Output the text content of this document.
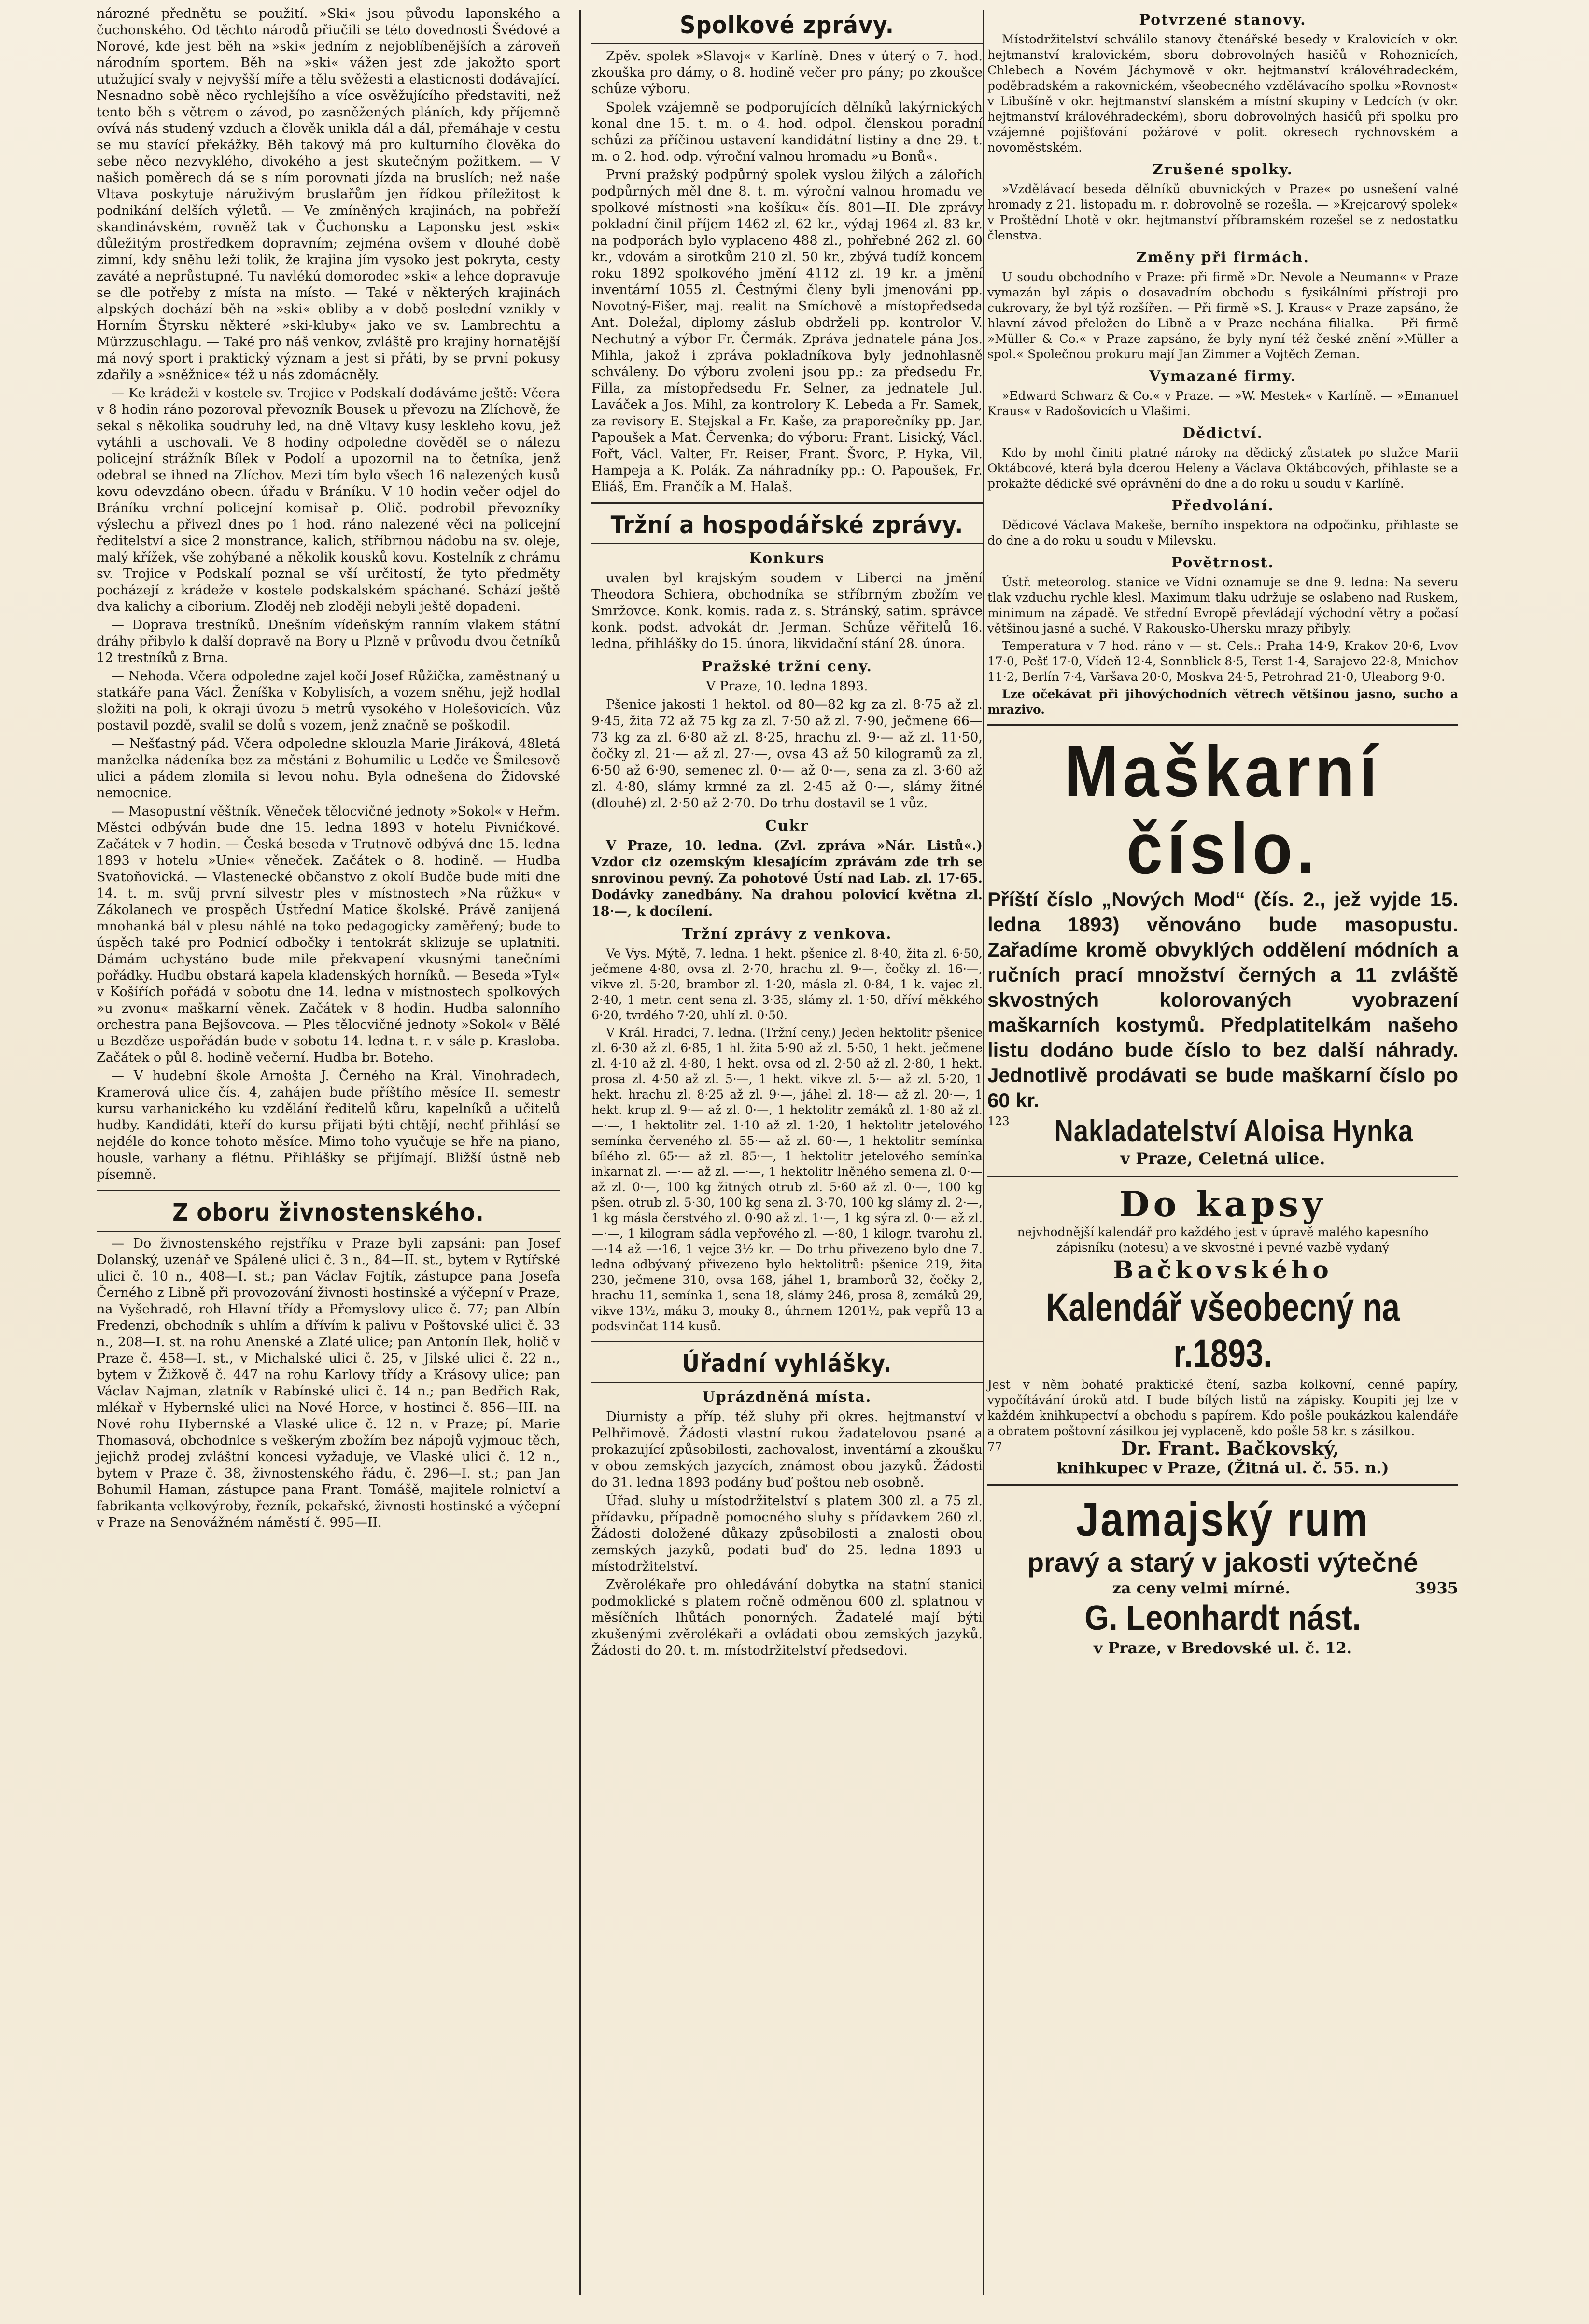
nározné přednětu se použití. »Ski« jsou původu laponského a čuchonského. Od těchto národů přiučili se této dovednosti Švédové a Norové, kde jest běh na »ski« jedním z nejoblíbenějších a zároveň národním sportem. Běh na »ski« vážen jest zde jakožto sport utužující svaly v nejvyšší míře a tělu svěžesti a elasticnosti dodávající. Nesnadno sobě něco rychlejšího a více osvěžujícího představiti, než tento běh s větrem o závod, po zasněžených pláních, kdy příjemně ovívá nás studený vzduch a člověk unikla dál a dál, přemáhaje v cestu se mu stavící překážky. Běh takový má pro kulturního člověka do sebe něco nezvyklého, divokého a jest skutečným požitkem. — V našich poměrech dá se s ním porovnati jízda na bruslích; než naše Vltava poskytuje náruživým bruslařům jen řídkou příležitost k podnikání delších výletů. — Ve zmíněných krajinách, na pobřeží skandinávském, rovněž tak v Čuchonsku a Laponsku jest »ski« důležitým prostředkem dopravním; zejména ovšem v dlouhé době zimní, kdy sněhu leží tolik, že krajina jím vysoko jest pokryta, cesty zaváté a neprůstupné. Tu navlékú domorodec »ski« a lehce dopravuje se dle potřeby z místa na místo. — Také v některých krajinách alpských dochází běh na »ski« obliby a v době poslední vznikly v Horním Štyrsku některé »ski-kluby« jako ve sv. Lambrechtu a Mürzzuschlagu. — Také pro náš venkov, zvláště pro krajiny hornatější má nový sport i praktický význam a jest si přáti, by se první pokusy zdařily a »sněžnice« též u nás zdomácněly.

— Ke krádeži v kostele sv. Trojice v Podskalí dodáváme ještě: Včera v 8 hodin ráno pozoroval převozník Bousek u převozu na Zlíchově, že sekal s několika soudruhy led, na dně Vltavy kusy leskleho kovu, jež vytáhli a uschovali. Ve 8 hodiny odpoledne dověděl se o nálezu policejní strážník Bílek v Podolí a upozornil na to četníka, jenž odebral se ihned na Zlíchov. Mezi tím bylo všech 16 nalezených kusů kovu odevzdáno obecn. úřadu v Bráníku. V 10 hodin večer odjel do Bráníku vrchní policejní komisař p. Olič. podrobil převozníky výslechu a přivezl dnes po 1 hod. ráno nalezené věci na policejní ředitelství a sice 2 monstrance, kalich, stříbrnou nádobu na sv. oleje, malý křížek, vše zohýbané a několik kousků kovu. Kostelník z chrámu sv. Trojice v Podskalí poznal se vší určitostí, že tyto předměty pocházejí z krádeže v kostele podskalském spáchané. Schází ještě dva kalichy a ciborium. Zloděj neb zloději nebyli ještě dopadeni.

— Doprava trestníků. Dnešním vídeňským ranním vlakem státní dráhy přibylo k další dopravě na Bory u Plzně v průvodu dvou četníků 12 trestníků z Brna.

— Nehoda. Včera odpoledne zajel kočí Josef Růžička, zaměstnaný u statkáře pana Václ. Ženíška v Kobylisích, a vozem sněhu, jejž hodlal složiti na poli, k okraji úvozu 5 metrů vysokého v Holešovicích. Vůz postavil pozdě, svalil se dolů s vozem, jenž značně se poškodil.

— Nešťastný pád. Včera odpoledne sklouzla Marie Jiráková, 48letá manželka nádeníka bez za městáni z Bohumilic u Ledče ve Šmilesově ulici a pádem zlomila si levou nohu. Byla odnešena do Židovské nemocnice.

— Masopustní věštník. Věneček tělocvičné jednoty »Sokol« v Heřm. Městci odbýván bude dne 15. ledna 1893 v hotelu Pivnićkové. Začátek v 7 hodin. — Česká beseda v Trutnově odbývá dne 15. ledna 1893 v hotelu »Unie« věneček. Začátek o 8. hodině. — Hudba Svatoňovická. — Vlastenecké občanstvo z okolí Budče bude míti dne 14. t. m. svůj první silvestr ples v místnostech »Na růžku« v Zákolanech ve prospěch Ústřední Matice školské. Právě zanijená mnohanká bál v plesu náhlé na toko pedagogicky zaměřený; bude to úspěch také pro Podnicí odbočky i tentokrát sklizuje se uplatniti. Dámám uchystáno bude mile překvapení vkusnými tanečními pořádky. Hudbu obstará kapela kladenských horníků. — Beseda »Tyl« v Košířích pořádá v sobotu dne 14. ledna v místnostech spolkových »u zvonu« maškarní věnek. Začátek v 8 hodin. Hudba salonního orchestra pana Bejšovcova. — Ples tělocvičné jednoty »Sokol« v Bělé u Bezděze uspořádán bude v sobotu 14. ledna t. r. v sále p. Krasloba. Začátek o půl 8. hodině večerní. Hudba br. Boteho.

— V hudební škole Arnošta J. Černého na Král. Vinohradech, Kramerová ulice čís. 4, zahájen bude příštího měsíce II. semestr kursu varhanického ku vzdělání ředitelů kůru, kapelníků a učitelů hudby. Kandidáti, kteří do kursu přijati býti chtějí, nechť přihlásí se nejdéle do konce tohoto měsíce. Mimo toho vyučuje se hře na piano, housle, varhany a flétnu. Přihlášky se přijímají. Bližší ústně neb písemně.

Z oboru živnostenského.

— Do živnostenského rejstříku v Praze byli zapsáni: pan Josef Dolanský, uzenář ve Spálené ulici č. 3 n., 84—II. st., bytem v Rytířské ulici č. 10 n., 408—I. st.; pan Václav Fojtík, zástupce pana Josefa Černého z Libně při provozování živnosti hostinské a výčepní v Praze, na Vyšehradě, roh Hlavní třídy a Přemyslovy ulice č. 77; pan Albín Fredenzi, obchodník s uhlím a dřívím k palivu v Poštovské ulici č. 33 n., 208—I. st. na rohu Anenské a Zlaté ulice; pan Antonín Ilek, holič v Praze č. 458—I. st., v Michalské ulici č. 25, v Jilské ulici č. 22 n., bytem v Žižkově č. 447 na rohu Karlovy třídy a Krásovy ulice; pan Václav Najman, zlatník v Rabínské ulici č. 14 n.; pan Bedřich Rak, mlékař v Hybernské ulici na Nové Horce, v hostinci č. 856—III. na Nové rohu Hybernské a Vlaské ulice č. 12 n. v Praze; pí. Marie Thomasová, obchodnice s veškerým zbožím bez nápojů vyjmouc těch, jejichž prodej zvláštní koncesi vyžaduje, ve Vlaské ulici č. 12 n., bytem v Praze č. 38, živnostenského řádu, č. 296—I. st.; pan Jan Bohumil Haman, zástupce pana Frant. Tomášě, majitele rolnictví a fabrikanta velkovýroby, řezník, pekařské, živnosti hostinské a výčepní v Praze na Senovážném náměstí č. 995—II.

Spolkové zprávy.

Zpěv. spolek »Slavoj« v Karlíně. Dnes v úterý o 7. hod. zkouška pro dámy, o 8. hodině večer pro pány; po zkoušce schůze výboru.

Spolek vzájemně se podporujících dělníků lakýrnických konal dne 15. t. m. o 4. hod. odpol. členskou poradní schůzi za příčinou ustavení kandidátní listiny a dne 29. t. m. o 2. hod. odp. výroční valnou hromadu »u Bonů«.

První pražský podpůrný spolek vyslou žilých a zálořích podpůrných měl dne 8. t. m. výroční valnou hromadu ve spolkové místnosti »na košíku« čís. 801—II. Dle zprávy pokladní činil příjem 1462 zl. 62 kr., výdaj 1964 zl. 83 kr. na podporách bylo vyplaceno 488 zl., pohřebné 262 zl. 60 kr., vdovám a sirotkům 210 zl. 50 kr., zbývá tudíž koncem roku 1892 spolkového jmění 4112 zl. 19 kr. a jmění inventární 1055 zl. Čestnými členy byli jmenováni pp. Novotný-Fišer, maj. realit na Smíchově a místopředseda Ant. Doležal, diplomy záslub obdrželi pp. kontrolor V. Nechutný a výbor Fr. Čermák. Zpráva jednatele pána Jos. Mihla, jakož i zpráva pokladníkova byly jednohlasně schváleny. Do výboru zvoleni jsou pp.: za předsedu Fr. Filla, za místopředsedu Fr. Selner, za jednatele Jul. Laváček a Jos. Mihl, za kontrolory K. Lebeda a Fr. Samek, za revisory E. Stejskal a Fr. Kaše, za praporečníky pp. Jar. Papoušek a Mat. Červenka; do výboru: Frant. Lisický, Václ. Fořt, Václ. Valter, Fr. Reiser, Frant. Švorc, P. Hyka, Vil. Hampeja a K. Polák. Za náhradníky pp.: O. Papoušek, Fr. Eliáš, Em. Frančík a M. Halaš.

Tržní a hospodářské zprávy.
Konkurs

uvalen byl krajským soudem v Liberci na jmění Theodora Schiera, obchodníka se stříbrným zbožím ve Smržovce. Konk. komis. rada z. s. Stránský, satim. správce konk. podst. advokát dr. Jerman. Schůze věřitelů 16. ledna, přihlášky do 15. února, likvidační stání 28. února.

Pražské tržní ceny.

V Praze, 10. ledna 1893.

Pšenice jakosti 1 hektol. od 80—82 kg za zl. 8·75 až zl. 9·45, žita 72 až 75 kg za zl. 7·50 až zl. 7·90, ječmene 66—73 kg za zl. 6·80 až zl. 8·25, hrachu zl. 9·— až zl. 11·50, čočky zl. 21·— až zl. 27·—, ovsa 43 až 50 kilogramů za zl. 6·50 až 6·90, semenec zl. 0·— až 0·—, sena za zl. 3·60 až zl. 4·80, slámy krmné za zl. 2·45 až 0·—, slámy žitné (dlouhé) zl. 2·50 až 2·70. Do trhu dostavil se 1 vůz.

Cukr

V Praze, 10. ledna. (Zvl. zpráva »Nár. Listů«.) Vzdor ciz ozemským klesajícím zprávám zde trh se snrovinou pevný. Za pohotové Ústí nad Lab. zl. 17·65. Dodávky zanedbány. Na drahou polovicí května zl. 18·—, k docílení.

Tržní zprávy z venkova.

Ve Vys. Mýtě, 7. ledna. 1 hekt. pšenice zl. 8·40, žita zl. 6·50, ječmene 4·80, ovsa zl. 2·70, hrachu zl. 9·—, čočky zl. 16·—, vikve zl. 5·20, brambor zl. 1·20, másla zl. 0·84, 1 k. vajec zl. 2·40, 1 metr. cent sena zl. 3·35, slámy zl. 1·50, dříví měkkého 6·20, tvrdého 7·20, uhlí zl. 0·50.

V Král. Hradci, 7. ledna. (Tržní ceny.) Jeden hektolitr pšenice zl. 6·30 až zl. 6·85, 1 hl. žita 5·90 až zl. 5·50, 1 hekt. ječmene zl. 4·10 až zl. 4·80, 1 hekt. ovsa od zl. 2·50 až zl. 2·80, 1 hekt. prosa zl. 4·50 až zl. 5·—, 1 hekt. vikve zl. 5·— až zl. 5·20, 1 hekt. hrachu zl. 8·25 až zl. 9·—, jáhel zl. 18·— až zl. 20·—, 1 hekt. krup zl. 9·— až zl. 0·—, 1 hektolitr zemáků zl. 1·80 až zl. —·—, 1 hektolitr zel. 1·10 až zl. 1·20, 1 hektolitr jetelového semínka červeného zl. 55·— až zl. 60·—, 1 hektolitr semínka bílého zl. 65·— až zl. 85·—, 1 hektolitr jetelového semínka inkarnat zl. —·— až zl. —·—, 1 hektolitr lněného semena zl. 0·— až zl. 0·—, 100 kg žitných otrub zl. 5·60 až zl. 0·—, 100 kg pšen. otrub zl. 5·30, 100 kg sena zl. 3·70, 100 kg slámy zl. 2·—, 1 kg másla čerstvého zl. 0·90 až zl. 1·—, 1 kg sýra zl. 0·— až zl. —·—, 1 kilogram sádla vepřového zl. —·80, 1 kilogr. tvarohu zl. —·14 až —·16, 1 vejce 3½ kr. — Do trhu přivezeno bylo dne 7. ledna odbývaný přivezeno bylo hektolitrů: pšenice 219, žita 230, ječmene 310, ovsa 168, jáhel 1, bramborů 32, čočky 2, hrachu 11, semínka 1, sena 18, slámy 246, prosa 8, zemáků 29, vikve 13½, máku 3, mouky 8., úhrnem 1201½, pak vepřů 13 a podsvinčat 114 kusů.

Úřadní vyhlášky.
Uprázdněná místa.

Diurnisty a příp. též sluhy při okres. hejtmanství v Pelhřimově. Žádosti vlastní rukou žadatelovou psané a prokazující způsobilosti, zachovalost, inventární a zkoušku v obou zemských jazycích, známost obou jazyků. Žádosti do 31. ledna 1893 podány buď poštou neb osobně.

Úřad. sluhy u místodržitelství s platem 300 zl. a 75 zl. přídavku, případně pomocného sluhy s přídavkem 260 zl. Žádosti doložené důkazy způsobilosti a znalosti obou zemských jazyků, podati buď do 25. ledna 1893 u místodržitelství.

Zvěrolékaře pro ohledávání dobytka na statní stanici podmoklické s platem ročně odměnou 600 zl. splatnou v měsíčních lhůtách ponorných. Žadatelé mají býti zkušenými zvěrolékaři a ovládati obou zemských jazyků. Žádosti do 20. t. m. místodržitelství předsedovi.

Potvrzené stanovy.

Místodržitelství schválilo stanovy čtenářské besedy v Kralovicích v okr. hejtmanství kralovickém, sboru dobrovolných hasičů v Rohoznicích, Chlebech a Novém Jáchymově v okr. hejtmanství královéhradeckém, poděbradském a rakovnickém, všeobecného vzdělávacího spolku »Rovnost« v Libušíně v okr. hejtmanství slanském a místní skupiny v Ledcích (v okr. hejtmanství královéhradeckém), sboru dobrovolných hasičů při spolku pro vzájemné pojišťování požárové v polit. okresech rychnovském a novoměstském.

Zrušené spolky.

»Vzdělávací beseda dělníků obuvnických v Praze« po usnešení valné hromady z 21. listopadu m. r. dobrovolně se rozešla. — »Krejcarový spolek« v Proštědní Lhotě v okr. hejtmanství příbramském rozešel se z nedostatku členstva.

Změny při firmách.

U soudu obchodního v Praze: při firmě »Dr. Nevole a Neumann« v Praze vymazán byl zápis o dosavadním obchodu s fysikálními přístroji pro cukrovary, že byl týž rozšířen. — Při firmě »S. J. Kraus« v Praze zapsáno, že hlavní závod přeložen do Libně a v Praze nechána filialka. — Při firmě »Müller & Co.« v Praze zapsáno, že byly nyní též české znění »Müller a spol.« Společnou prokuru mají Jan Zimmer a Vojtěch Zeman.

Vymazané firmy.

»Edward Schwarz & Co.« v Praze. — »W. Mestek« v Karlíně. — »Emanuel Kraus« v Radošovicích u Vlašimi.

Dědictví.

Kdo by mohl činiti platné nároky na dědický zůstatek po služce Marii Oktábcové, která byla dcerou Heleny a Václava Oktábcových, přihlaste se a prokažte dědické své oprávnění do dne a do roku u soudu v Karlíně.

Předvolání.

Dědicové Václava Makeše, berního inspektora na odpočinku, přihlaste se do dne a do roku u soudu v Milevsku.

Povětrnost.

Ústř. meteorolog. stanice ve Vídni oznamuje se dne 9. ledna: Na severu tlak vzduchu rychle klesl. Maximum tlaku udržuje se oslabeno nad Ruskem, minimum na západě. Ve střední Evropě převládají východní větry a počasí většinou jasné a suché. V Rakousko-Uhersku mrazy přibyly.

Temperatura v 7 hod. ráno v — st. Cels.: Praha 14·9, Krakov 20·6, Lvov 17·0, Pešť 17·0, Vídeň 12·4, Sonnblick 8·5, Terst 1·4, Sarajevo 22·8, Mnichov 11·2, Berlín 7·4, Varšava 20·0, Moskva 24·5, Petrohrad 21·0, Uleaborg 9·0.

Lze očekávat při jihovýchodních větrech většinou jasno, sucho a mrazivo.

Maškarní
číslo.
Příští číslo „Nových Mod“ (čís. 2., jež vyjde 15. ledna 1893) věnováno bude masopustu. Zařadíme kromě obvyklých oddělení módních a ručních prací množství černých a 11 zvláště skvostných kolorovaných vyobrazení maškarních kostymů. Předplatitelkám našeho listu dodáno bude číslo to bez další náhrady. Jednotlivě prodávati se bude maškarní číslo po 60 kr.
123 Nakladatelství Aloisa Hynka
v Praze, Celetná ulice.
Do kapsy
nejvhodnější kalendář pro každého jest v úpravě malého kapesního zápisníku (notesu) a ve skvostné i pevné vazbě vydaný
Bačkovského
Kalendář všeobecný na r.1893.
Jest v něm bohaté praktické čtení, sazba kolkovní, cenné papíry, vypočítávání úroků atd. I bude bílých listů na zápisky. Koupiti jej lze v každém knihkupectví a obchodu s papírem. Kdo pošle poukázkou kalendáře a obratem poštovní zásilkou jej vyplaceně, kdo pošle 58 kr. s zásilkou.
77	Dr. Frant. Bačkovský,
knihkupec v Praze, (Žitná ul. č. 55. n.)
Jamajský rum
pravý a starý v jakosti výtečné
za ceny velmi mírné.	3935
G. Leonhardt nást.
v Praze, v Bredovské ul. č. 12.
